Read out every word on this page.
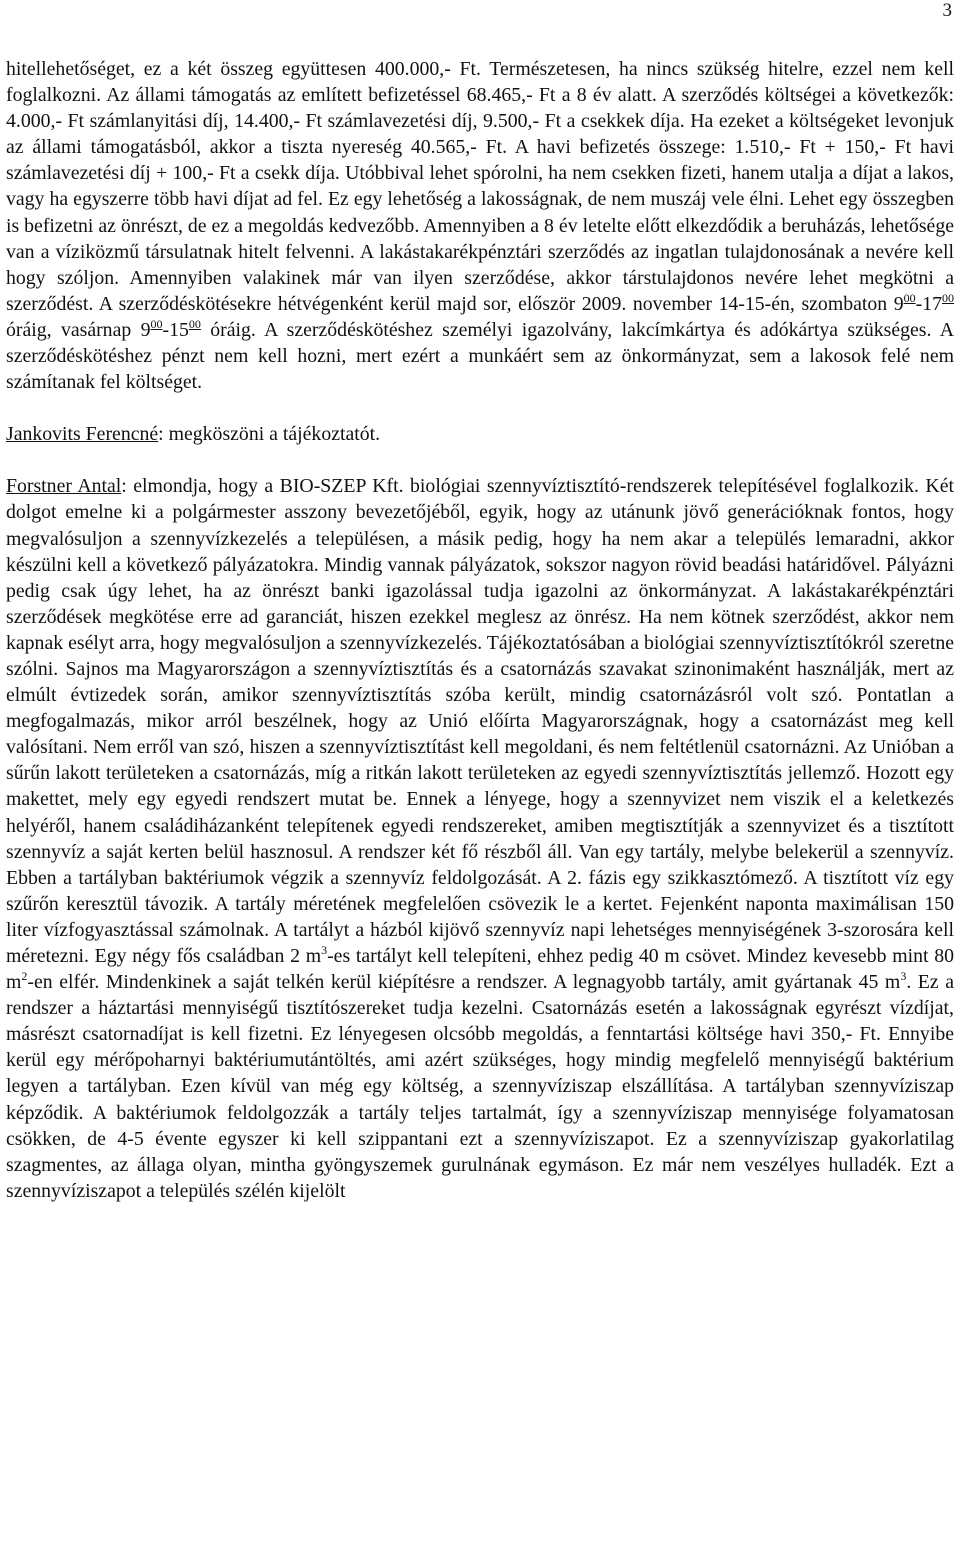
3

hitellehetőséget, ez a két összeg együttesen 400.000,- Ft. Természetesen, ha nincs szükség hitelre, ezzel nem kell foglalkozni. Az állami támogatás az említett befizetéssel 68.465,- Ft a 8 év alatt. A szerződés költségei a következők: 4.000,- Ft számlanyitási díj, 14.400,- Ft számlavezetési díj, 9.500,- Ft a csekkek díja. Ha ezeket a költségeket levonjuk az állami támogatásból, akkor a tiszta nyereség 40.565,- Ft. A havi befizetés összege: 1.510,- Ft + 150,- Ft havi számlavezetési díj + 100,- Ft a csekk díja. Utóbbival lehet spórolni, ha nem csekken fizeti, hanem utalja a díjat a lakos, vagy ha egyszerre több havi díjat ad fel. Ez egy lehetőség a lakosságnak, de nem muszáj vele élni. Lehet egy összegben is befizetni az önrészt, de ez a megoldás kedvezőbb. Amennyiben a 8 év letelte előtt elkezdődik a beruházás, lehetősége van a víziközmű társulatnak hitelt felvenni. A lakástakarékpénztári szerződés az ingatlan tulajdonosának a nevére kell hogy szóljon. Amennyiben valakinek már van ilyen szerződése, akkor társtulajdonos nevére lehet megkötni a szerződést. A szerződéskötésekre hétvégenként kerül majd sor, először 2009. november 14-15-én, szombaton $9^{00}-17^{00}$ óráig, vasárnap $9^{00}-15^{00}$ óráig. A szerződéskötéshez személyi igazolvány, lakcímkártya és adókártya szükséges. A szerződéskötéshez pénzt nem kell hozni, mert ezért a munkáért sem az önkormányzat, sem a lakosok felé nem számítanak fel költséget.

Jankovits Ferencné: megköszöni a tájékoztatót.

Forstner Antal: elmondja, hogy a BIO-SZEP Kft. biológiai szennyvíztisztító-rendszerek telepítésével foglalkozik. Két dolgot emelne ki a polgármester asszony bevezetőjéből, egyik, hogy az utánunk jövő generációknak fontos, hogy megvalósuljon a szennyvízkezelés a településen, a másik pedig, hogy ha nem akar a település lemaradni, akkor készülni kell a következő pályázatokra. Mindig vannak pályázatok, sokszor nagyon rövid beadási határidővel. Pályázni pedig csak úgy lehet, ha az önrészt banki igazolással tudja igazolni az önkormányzat. A lakástakarékpénztári szerződések megkötése erre ad garanciát, hiszen ezekkel meglesz az önrész. Ha nem kötnek szerződést, akkor nem kapnak esélyt arra, hogy megvalósuljon a szennyvízkezelés. Tájékoztatósában a biológiai szennyvíztisztítókról szeretne szólni. Sajnos ma Magyarországon a szennyvíztisztítás és a csatornázás szavakat szinonimaként használják, mert az elmúlt évtizedek során, amikor szennyvíztisztítás szóba került, mindig csatornázásról volt szó. Pontatlan a megfogalmazás, mikor arról beszélnek, hogy az Unió előírta Magyarországnak, hogy a csatornázást meg kell valósítani. Nem erről van szó, hiszen a szennyvíztisztítást kell megoldani, és nem feltétlenül csatornázni. Az Unióban a sűrűn lakott területeken a csatornázás, míg a ritkán lakott területeken az egyedi szennyvíztisztítás jellemző. Hozott egy makettet, mely egy egyedi rendszert mutat be. Ennek a lényege, hogy a szennyvizet nem viszik el a keletkezés helyéről, hanem családiházanként telepítenek egyedi rendszereket, amiben megtisztítják a szennyvizet és a tisztított szennyvíz a saját kerten belül hasznosul. A rendszer két fő részből áll. Van egy tartály, melybe belekerül a szennyvíz. Ebben a tartályban baktériumok végzik a szennyvíz feldolgozását. A 2. fázis egy szikkasztómező. A tisztított víz egy szűrőn keresztül távozik. A tartály méretének megfelelően csövezik le a kertet. Fejenként naponta maximálisan 150 liter vízfogyasztással számolnak. A tartályt a házból kijövő szennyvíz napi lehetséges mennyiségének 3-szorosára kell méretezni. Egy négy fős családban 2 $m^3-es$ tartályt kell telepíteni, ehhez pedig 40 m csövet. Mindez kevesebb mint 80 $m^2-en$ elfér. Mindenkinek a saját telkén kerül kiépítésre a rendszer. A legnagyobb tartály, amit gyártanak 45 $m^3$. Ez a rendszer a háztartási mennyiségű tisztítószereket tudja kezelni. Csatornázás esetén a lakosságnak egyrészt vízdíjat, másrészt csatornadíjat is kell fizetni. Ez lényegesen olcsóbb megoldás, a fenntartási költsége havi 350,- Ft. Ennyibe kerül egy mérőpoharnyi baktériumutántöltés, ami azért szükséges, hogy mindig megfelelő mennyiségű baktérium legyen a tartályban. Ezen kívül van még egy költség, a szennyvíziszap elszállítása. A tartályban szennyvíziszap képződik. A baktériumok feldolgozzák a tartály teljes tartalmát, így a szennyvíziszap mennyisége folyamatosan csökken, de 4-5 évente egyszer ki kell szippantani ezt a szennyvíziszapot. Ez a szennyvíziszap gyakorlatilag szagmentes, az állaga olyan, mintha gyöngyszemek gurulnának egymáson. Ez már nem veszélyes hulladék. Ezt a szennyvíziszapot a település szélén kijelölt
